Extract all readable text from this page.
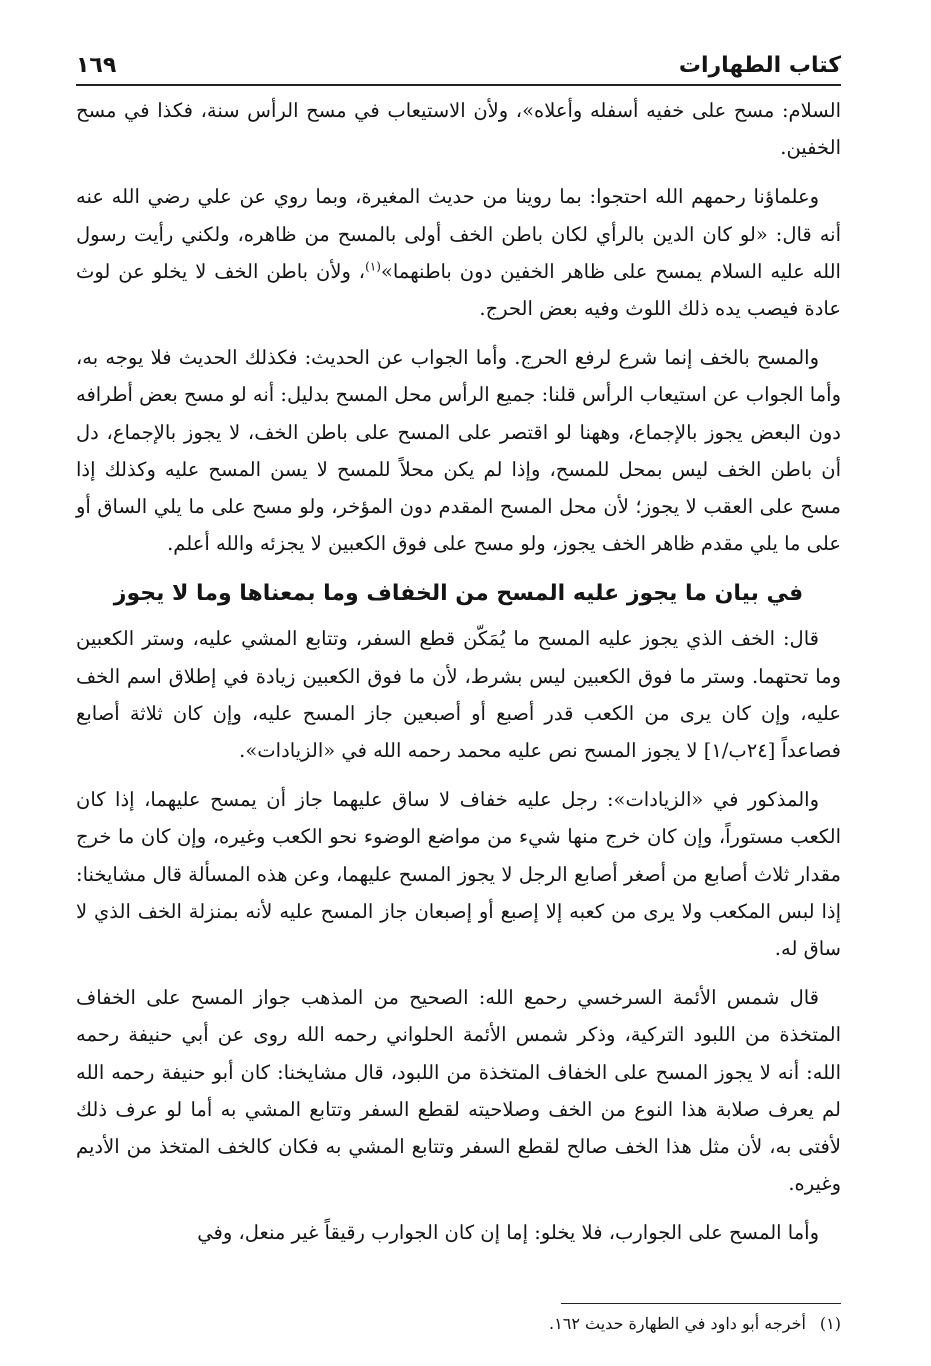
١٦٩	كتاب الطهارات

السلام: مسح على خفيه أسفله وأعلاه»، ولأن الاستيعاب في مسح الرأس سنة، فكذا في مسح الخفين.

وعلماؤنا رحمهم الله احتجوا: بما روينا من حديث المغيرة، وبما روي عن علي رضي الله عنه أنه قال: «لو كان الدين بالرأي لكان باطن الخف أولى بالمسح من ظاهره، ولكني رأيت رسول الله عليه السلام يمسح على ظاهر الخفين دون باطنهما»$^{(١)}$، ولأن باطن الخف لا يخلو عن لوث عادة فيصب يده ذلك اللوث وفيه بعض الحرج.

والمسح بالخف إنما شرع لرفع الحرج. وأما الجواب عن الحديث: فكذلك الحديث فلا يوجه به، وأما الجواب عن استيعاب الرأس قلنا: جميع الرأس محل المسح بدليل: أنه لو مسح بعض أطرافه دون البعض يجوز بالإجماع، وههنا لو اقتصر على المسح على باطن الخف، لا يجوز بالإجماع، دل أن باطن الخف ليس بمحل للمسح، وإذا لم يكن محلاً للمسح لا يسن المسح عليه وكذلك إذا مسح على العقب لا يجوز؛ لأن محل المسح المقدم دون المؤخر، ولو مسح على ما يلي الساق أو على ما يلي مقدم ظاهر الخف يجوز، ولو مسح على فوق الكعبين لا يجزئه والله أعلم.

في بيان ما يجوز عليه المسح من الخفاف وما بمعناها وما لا يجوز

قال: الخف الذي يجوز عليه المسح ما يُمَكّن قطع السفر، وتتابع المشي عليه، وستر الكعبين وما تحتهما. وستر ما فوق الكعبين ليس بشرط، لأن ما فوق الكعبين زيادة في إطلاق اسم الخف عليه، وإن كان يرى من الكعب قدر أصبع أو أصبعين جاز المسح عليه، وإن كان ثلاثة أصابع فصاعداً [٢٤ب/١] لا يجوز المسح نص عليه محمد رحمه الله في «الزيادات».

والمذكور في «الزيادات»: رجل عليه خفاف لا ساق عليهما جاز أن يمسح عليهما، إذا كان الكعب مستوراً، وإن كان خرج منها شيء من مواضع الوضوء نحو الكعب وغيره، وإن كان ما خرج مقدار ثلاث أصابع من أصغر أصابع الرجل لا يجوز المسح عليهما، وعن هذه المسألة قال مشايخنا: إذا لبس المكعب ولا يرى من كعبه إلا إصبع أو إصبعان جاز المسح عليه لأنه بمنزلة الخف الذي لا ساق له.

قال شمس الأئمة السرخسي رحمع الله: الصحيح من المذهب جواز المسح على الخفاف المتخذة من اللبود التركية، وذكر شمس الأئمة الحلواني رحمه الله روى عن أبي حنيفة رحمه الله: أنه لا يجوز المسح على الخفاف المتخذة من اللبود، قال مشايخنا: كان أبو حنيفة رحمه الله لم يعرف صلابة هذا النوع من الخف وصلاحيته لقطع السفر وتتابع المشي به أما لو عرف ذلك لأفتى به، لأن مثل هذا الخف صالح لقطع السفر وتتابع المشي به فكان كالخف المتخذ من الأديم وغيره.

وأما المسح على الجوارب، فلا يخلو: إما إن كان الجوارب رقيقاً غير منعل، وفي

(١)أخرجه أبو داود في الطهارة حديث ١٦٢.
